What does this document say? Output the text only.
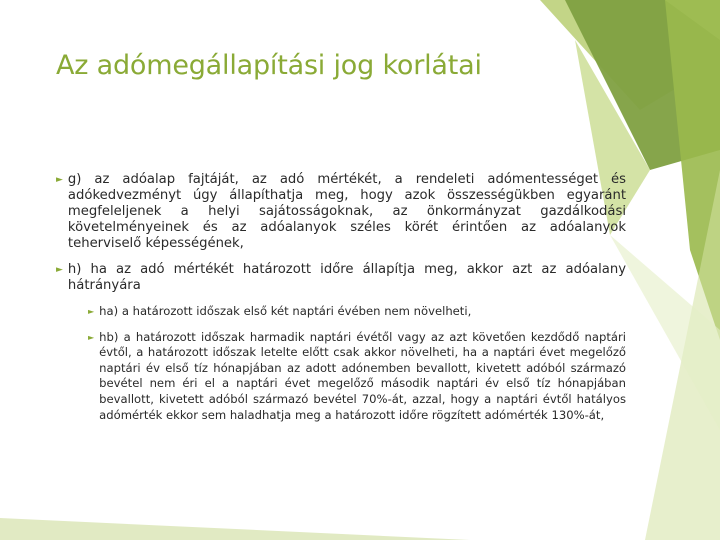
Az adómegállapítási jog korlátai
► g) az adóalap fajtáját, az adó mértékét, a rendeleti adómentességet és adókedvezményt úgy állapíthatja meg, hogy azok összességükben egyaránt megfeleljenek a helyi sajátosságoknak, az önkormányzat gazdálkodási követelményeinek és az adóalanyok széles körét érintően az adóalanyok teherviselő képességének,
► h) ha az adó mértékét határozott időre állapítja meg, akkor azt az adóalany hátrányára
► ha) a határozott időszak első két naptári évében nem növelheti,
► hb) a határozott időszak harmadik naptári évétől vagy az azt követően kezdődő naptári évtől, a határozott időszak letelte előtt csak akkor növelheti, ha a naptári évet megelőző naptári év első tíz hónapjában az adott adónemben bevallott, kivetett adóból származó bevétel nem éri el a naptári évet megelőző második naptári év első tíz hónapjában bevallott, kivetett adóból származó bevétel 70%-át, azzal, hogy a naptári évtől hatályos adómérték ekkor sem haladhatja meg a határozott időre rögzített adómérték 130%-át,
